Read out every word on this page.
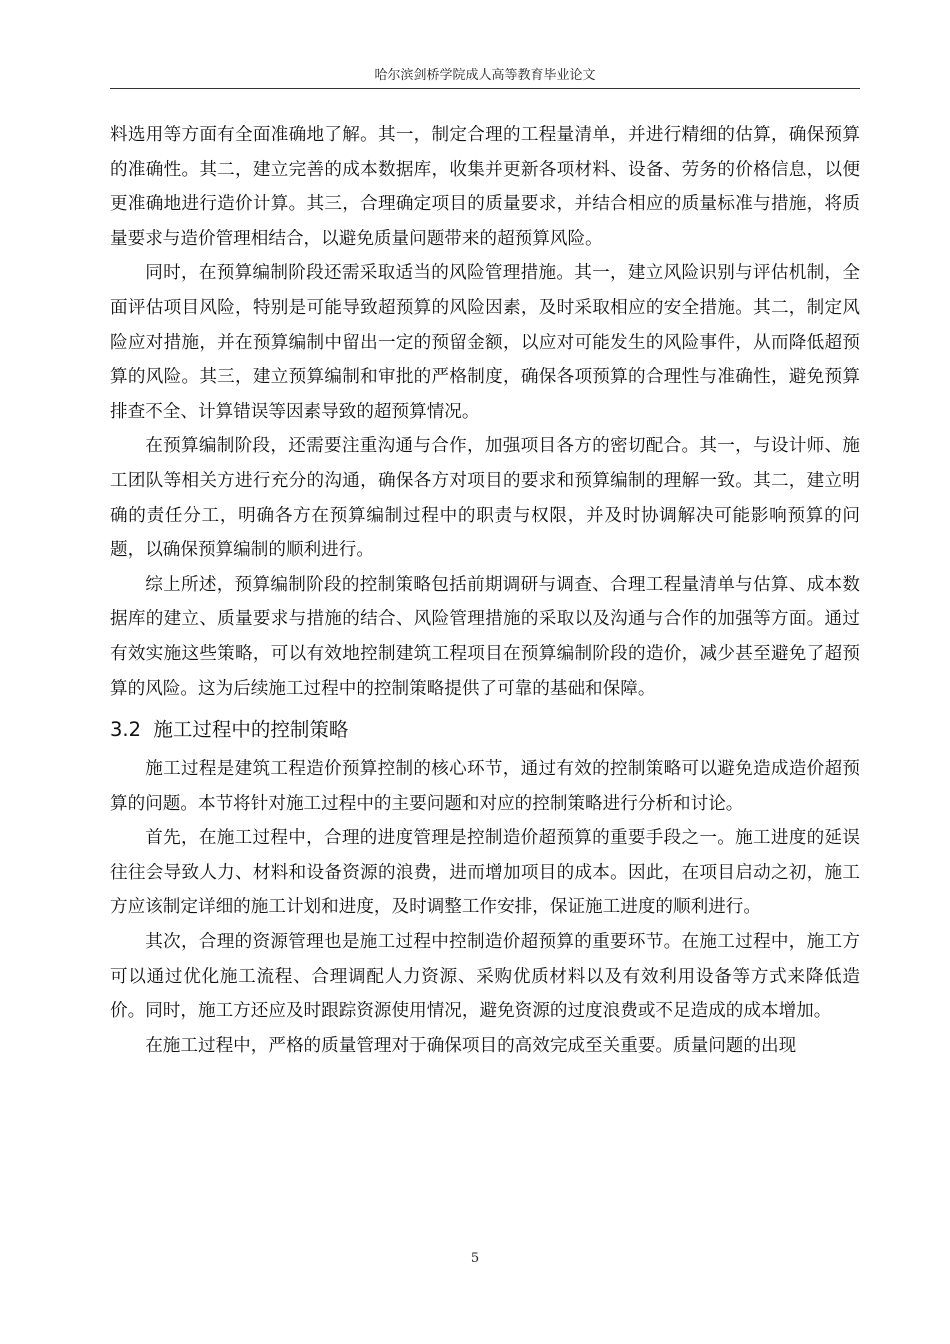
哈尔滨剑桥学院成人高等教育毕业论文

料选用等方面有全面准确地了解。其一，制定合理的工程量清单，并进行精细的估算，确保预算的准确性。其二，建立完善的成本数据库，收集并更新各项材料、设备、劳务的价格信息，以便更准确地进行造价计算。其三，合理确定项目的质量要求，并结合相应的质量标准与措施，将质量要求与造价管理相结合，以避免质量问题带来的超预算风险。

同时，在预算编制阶段还需采取适当的风险管理措施。其一，建立风险识别与评估机制，全面评估项目风险，特别是可能导致超预算的风险因素，及时采取相应的安全措施。其二，制定风险应对措施，并在预算编制中留出一定的预留金额，以应对可能发生的风险事件，从而降低超预算的风险。其三，建立预算编制和审批的严格制度，确保各项预算的合理性与准确性，避免预算排查不全、计算错误等因素导致的超预算情况。

在预算编制阶段，还需要注重沟通与合作，加强项目各方的密切配合。其一，与设计师、施工团队等相关方进行充分的沟通，确保各方对项目的要求和预算编制的理解一致。其二，建立明确的责任分工，明确各方在预算编制过程中的职责与权限，并及时协调解决可能影响预算的问题，以确保预算编制的顺利进行。

综上所述，预算编制阶段的控制策略包括前期调研与调查、合理工程量清单与估算、成本数据库的建立、质量要求与措施的结合、风险管理措施的采取以及沟通与合作的加强等方面。通过有效实施这些策略，可以有效地控制建筑工程项目在预算编制阶段的造价，减少甚至避免了超预算的风险。这为后续施工过程中的控制策略提供了可靠的基础和保障。

3.2 施工过程中的控制策略

施工过程是建筑工程造价预算控制的核心环节，通过有效的控制策略可以避免造成造价超预算的问题。本节将针对施工过程中的主要问题和对应的控制策略进行分析和讨论。

首先，在施工过程中，合理的进度管理是控制造价超预算的重要手段之一。施工进度的延误往往会导致人力、材料和设备资源的浪费，进而增加项目的成本。因此，在项目启动之初，施工方应该制定详细的施工计划和进度，及时调整工作安排，保证施工进度的顺利进行。

其次，合理的资源管理也是施工过程中控制造价超预算的重要环节。在施工过程中，施工方可以通过优化施工流程、合理调配人力资源、采购优质材料以及有效利用设备等方式来降低造价。同时，施工方还应及时跟踪资源使用情况，避免资源的过度浪费或不足造成的成本增加。

在施工过程中，严格的质量管理对于确保项目的高效完成至关重要。质量问题的出现

5
